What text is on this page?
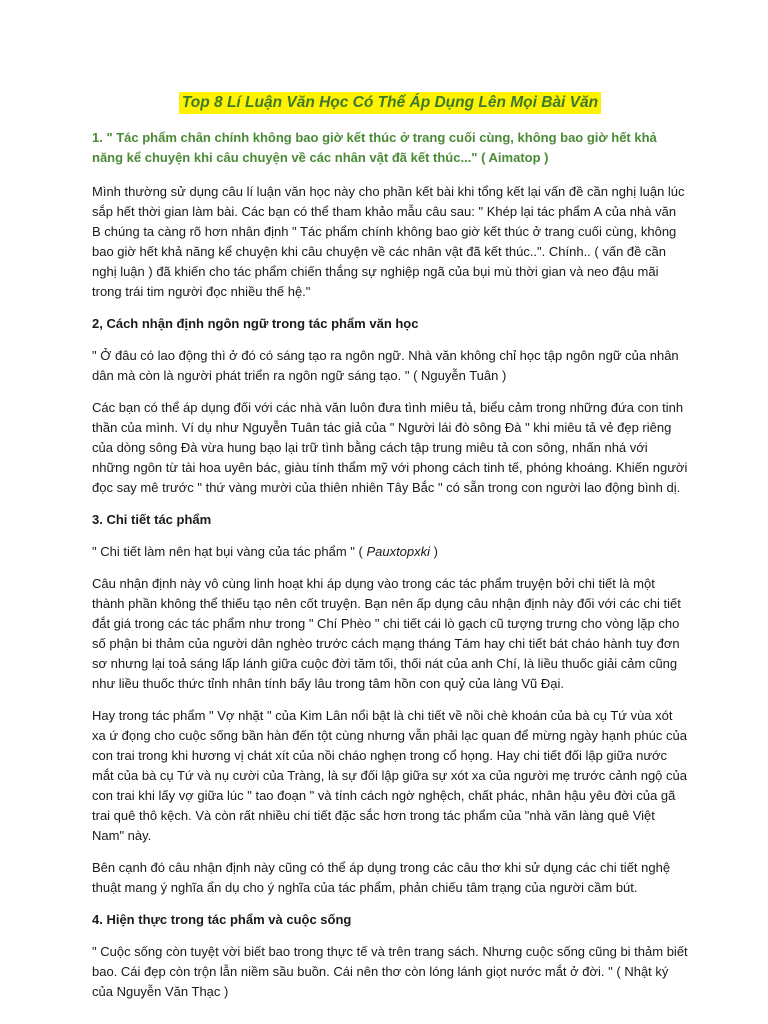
Top 8 Lí Luận Văn Học Có Thể Áp Dụng Lên Mọi Bài Văn

1. " Tác phẩm chân chính không bao giờ kết thúc ở trang cuối cùng, không bao giờ hết khả năng kể chuyện khi câu chuyện về các nhân vật đã kết thúc..." ( Aimatop )

Mình thường sử dụng câu lí luận văn học này cho phần kết bài khi tổng kết lại vấn đề cần nghị luận lúc sắp hết thời gian làm bài. Các bạn có thể tham khảo mẫu câu sau: " Khép lại tác phẩm A của nhà văn B chúng ta càng rõ hơn nhân định " Tác phẩm chính không bao giờ kết thúc ở trang cuối cùng, không bao giờ hết khả năng kể chuyện khi câu chuyện về các nhân vật đã kết thúc..". Chính.. ( vấn đề cần nghị luận ) đã khiến cho tác phẩm chiến thắng sự nghiệp ngã của bụi mù thời gian và neo đậu mãi trong trái tim người đọc nhiều thế hệ."

2, Cách nhận định ngôn ngữ trong tác phẩm văn học

" Ở đâu có lao động thì ở đó có sáng tạo ra ngôn ngữ. Nhà văn không chỉ học tập ngôn ngữ của nhân dân mà còn là người phát triển ra ngôn ngữ sáng tạo. " ( Nguyễn Tuân )

Các bạn có thể áp dụng đối với các nhà văn luôn đưa tình miêu tả, biểu cảm trong những đứa con tinh thần của mình. Ví dụ như Nguyễn Tuân tác giả của " Người lái đò sông Đà " khi miêu tả vẻ đẹp riêng của dòng sông Đà vừa hung bạo lại trữ tình bằng cách tập trung miêu tả con sông, nhấn nhá với những ngôn từ tài hoa uyên bác, giàu tính thẩm mỹ với phong cách tinh tế, phóng khoáng. Khiến người đọc say mê trước " thứ vàng mười của thiên nhiên Tây Bắc " có sẵn trong con người lao động bình dị.

3. Chi tiết tác phẩm

" Chi tiết làm nên hạt bụi vàng của tác phẩm " ( Pauxtopxki )

Câu nhận định này vô cùng linh hoạt khi áp dụng vào trong các tác phẩm truyện bởi chi tiết là một thành phần không thể thiếu tạo nên cốt truyện. Bạn nên ấp dụng câu nhận định này đối với các chi tiết đắt giá trong các tác phẩm như trong " Chí Phèo " chi tiết cái lò gạch cũ tượng trưng cho vòng lặp cho số phận bi thảm của người dân nghèo trước cách mạng tháng Tám hay chi tiết bát cháo hành tuy đơn sơ nhưng lại toả sáng lấp lánh giữa cuộc đời tăm tối, thối nát của anh Chí, là liều thuốc giải cảm cũng như liều thuốc thức tỉnh nhân tính bấy lâu trong tâm hồn con quỷ của làng Vũ Đại.

Hay trong tác phẩm " Vợ nhặt " của Kim Lân nổi bật là chi tiết về nồi chè khoán của bà cụ Tứ vùa xót xa ứ đọng cho cuộc sống bần hàn đến tột cùng nhưng vẫn phải lạc quan để mừng ngày hạnh phúc của con trai trong khi hương vị chát xít của nồi cháo nghẹn trong cổ họng. Hay chi tiết đối lập giữa nước mắt của bà cụ Tứ và nụ cười của Tràng, là sự đối lập giữa sự xót xa của người mẹ trước cảnh ngộ của con trai khi lấy vợ giữa lúc " tao đoạn " và tính cách ngờ nghệch, chất phác, nhân hậu yêu đời của gã trai quê thô kệch. Và còn rất nhiều chi tiết đặc sắc hơn trong tác phẩm của "nhà văn làng quê Việt Nam" này.

Bên cạnh đó câu nhận định này cũng có thể áp dụng trong các câu thơ khi sử dụng các chi tiết nghệ thuật mang ý nghĩa ẩn dụ cho ý nghĩa của tác phẩm, phản chiếu tâm trạng của người cầm bút.

4. Hiện thực trong tác phẩm và cuộc sống

" Cuộc sống còn tuyệt vời biết bao trong thực tế và trên trang sách. Nhưng cuộc sống cũng bi thảm biết bao. Cái đẹp còn trộn lẫn niềm sầu buồn. Cái nên thơ còn lóng lánh giọt nước mắt ở đời. " ( Nhật ký của Nguyễn Văn Thạc )
